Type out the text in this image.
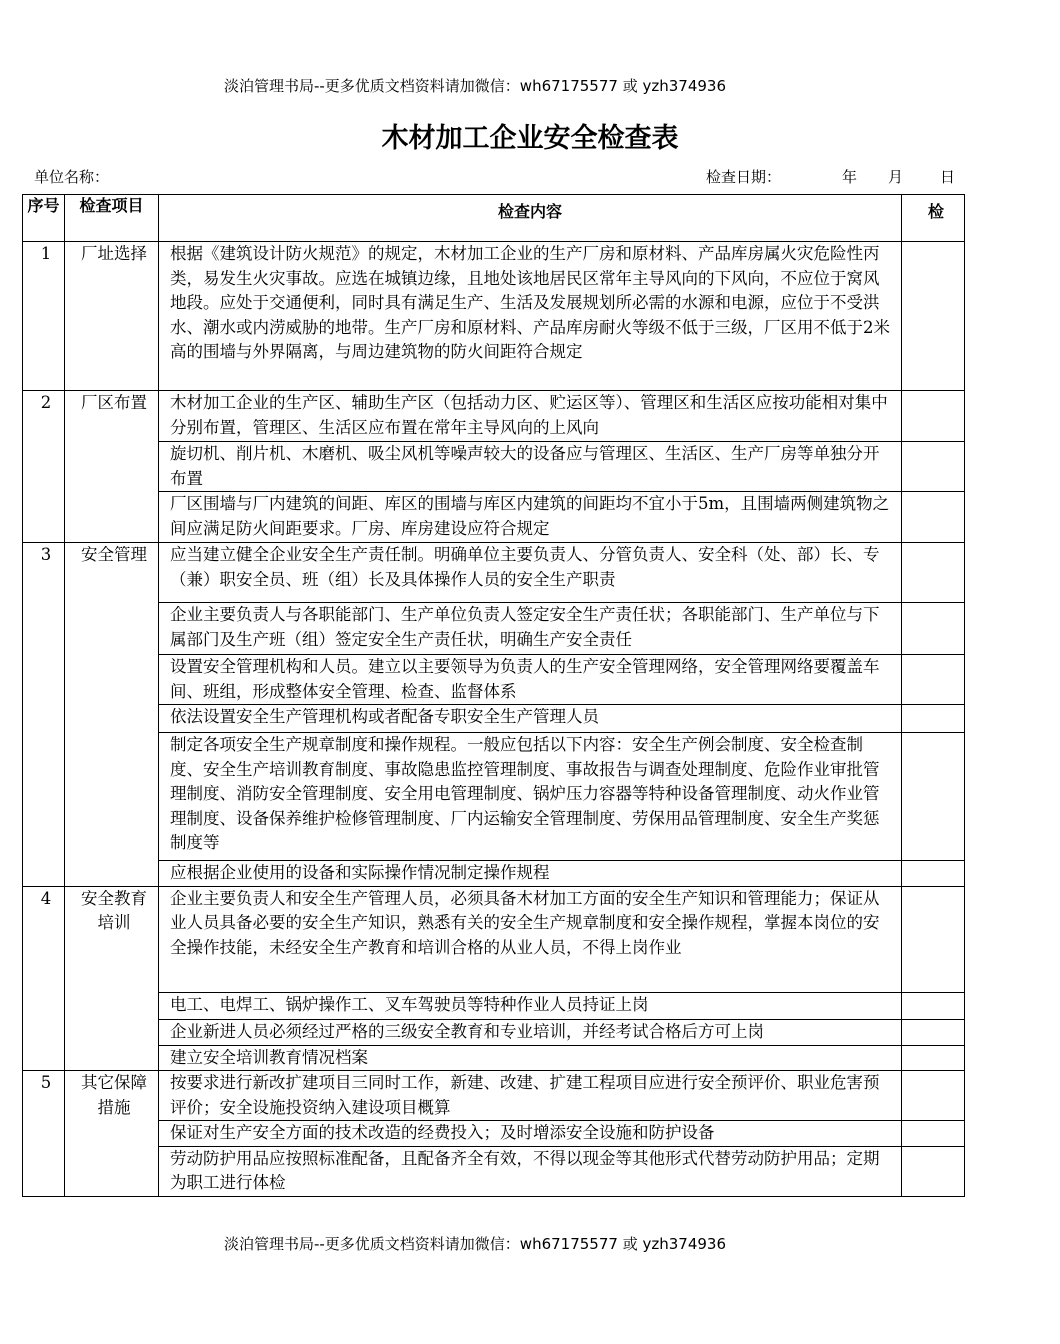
淡泊管理书局--更多优质文档资料请加微信：wh67175577 或 yzh374936
木材加工企业安全检查表
单位名称：	检查日期：	年 月 日
序号	检查项目	检查内容	检
1	厂址选择	根据《建筑设计防火规范》的规定，木材加工企业的生产厂房和原材料、产品库房属火灾危险性丙类，易发生火灾事故。应选在城镇边缘，且地处该地居民区常年主导风向的下风向，不应位于窝风地段。应处于交通便利，同时具有满足生产、生活及发展规划所必需的水源和电源，应位于不受洪水、潮水或内涝威胁的地带。生产厂房和原材料、产品库房耐火等级不低于三级，厂区用不低于2米高的围墙与外界隔离，与周边建筑物的防火间距符合规定	
2	厂区布置	木材加工企业的生产区、辅助生产区（包括动力区、贮运区等）、管理区和生活区应按功能相对集中分别布置，管理区、生活区应布置在常年主导风向的上风向	
		旋切机、削片机、木磨机、吸尘风机等噪声较大的设备应与管理区、生活区、生产厂房等单独分开布置	
		厂区围墙与厂内建筑的间距、库区的围墙与库区内建筑的间距均不宜小于5m，且围墙两侧建筑物之间应满足防火间距要求。厂房、库房建设应符合规定	
3	安全管理	应当建立健全企业安全生产责任制。明确单位主要负责人、分管负责人、安全科（处、部）长、专（兼）职安全员、班（组）长及具体操作人员的安全生产职责	
		企业主要负责人与各职能部门、生产单位负责人签定安全生产责任状；各职能部门、生产单位与下属部门及生产班（组）签定安全生产责任状，明确生产安全责任	
		设置安全管理机构和人员。建立以主要领导为负责人的生产安全管理网络，安全管理网络要覆盖车间、班组，形成整体安全管理、检查、监督体系	
		依法设置安全生产管理机构或者配备专职安全生产管理人员	
		制定各项安全生产规章制度和操作规程。一般应包括以下内容：安全生产例会制度、安全检查制度、安全生产培训教育制度、事故隐患监控管理制度、事故报告与调查处理制度、危险作业审批管理制度、消防安全管理制度、安全用电管理制度、锅炉压力容器等特种设备管理制度、动火作业管理制度、设备保养维护检修管理制度、厂内运输安全管理制度、劳保用品管理制度、安全生产奖惩制度等	
		应根据企业使用的设备和实际操作情况制定操作规程	
4	安全教育培训	企业主要负责人和安全生产管理人员，必须具备木材加工方面的安全生产知识和管理能力；保证从业人员具备必要的安全生产知识，熟悉有关的安全生产规章制度和安全操作规程，掌握本岗位的安全操作技能，未经安全生产教育和培训合格的从业人员，不得上岗作业	
		电工、电焊工、锅炉操作工、叉车驾驶员等特种作业人员持证上岗	
		企业新进人员必须经过严格的三级安全教育和专业培训，并经考试合格后方可上岗	
		建立安全培训教育情况档案	
5	其它保障措施	按要求进行新改扩建项目三同时工作，新建、改建、扩建工程项目应进行安全预评价、职业危害预评价；安全设施投资纳入建设项目概算	
		保证对生产安全方面的技术改造的经费投入；及时增添安全设施和防护设备	
		劳动防护用品应按照标准配备，且配备齐全有效，不得以现金等其他形式代替劳动防护用品；定期为职工进行体检	
淡泊管理书局--更多优质文档资料请加微信：wh67175577 或 yzh374936
